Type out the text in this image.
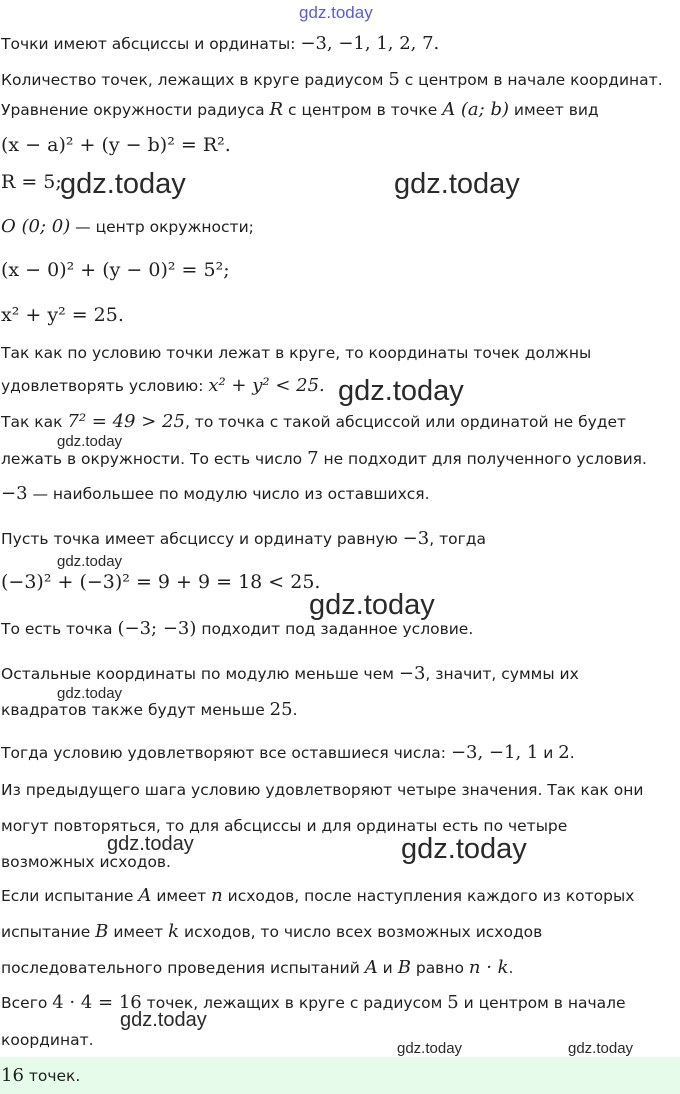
gdz.today
Точки имеют абсциссы и ординаты: −3, −1, 1, 2, 7.
Количество точек, лежащих в круге радиусом 5 с центром в начале координат.
Уравнение окружности радиуса R с центром в точке A (a; b) имеет вид
(x − a)² + (y − b)² = R².
R = 5;
gdz.today	gdz.today
O (0; 0) — центр окружности;
(x − 0)² + (y − 0)² = 5²;
x² + y² = 25.
Так как по условию точки лежат в круге, то координаты точек должны
удовлетворять условию: x² + y² < 25. gdz.today
Так как 7² = 49 > 25, то точка с такой абсциссой или ординатой не будет
gdz.today
лежать в окружности. То есть число 7 не подходит для полученного условия.
−3 — наибольшее по модулю число из оставшихся.
Пусть точка имеет абсциссу и ординату равную −3, тогда
gdz.today
(−3)² + (−3)² = 9 + 9 = 18 < 25.
gdz.today
То есть точка (−3; −3) подходит под заданное условие.
Остальные координаты по модулю меньше чем −3, значит, суммы их
gdz.today
квадратов также будут меньше 25.
Тогда условию удовлетворяют все оставшиеся числа: −3, −1, 1 и 2.
Из предыдущего шага условию удовлетворяют четыре значения. Так как они
могут повторяться, то для абсциссы и для ординаты есть по четыре
gdz.today	gdz.today
возможных исходов.
Если испытание A имеет n исходов, после наступления каждого из которых
испытание B имеет k исходов, то число всех возможных исходов
последовательного проведения испытаний A и B равно n · k.
Всего 4 · 4 = 16 точек, лежащих в круге с радиусом 5 и центром в начале
gdz.today
координат.	gdz.today	gdz.today
16 точек.
